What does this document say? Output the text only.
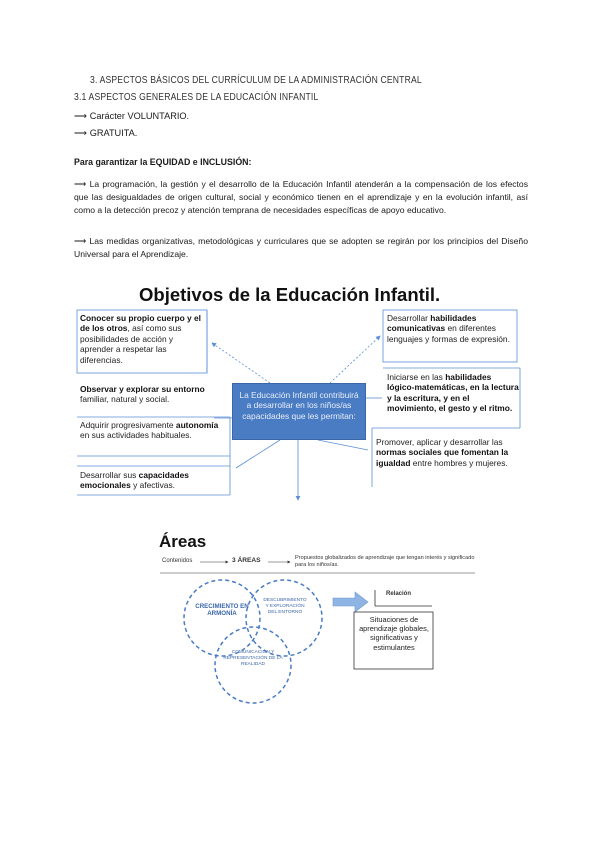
3. ASPECTOS BÁSICOS DEL CURRÍCULUM DE LA ADMINISTRACIÓN CENTRAL
3.1 ASPECTOS GENERALES DE LA EDUCACIÓN INFANTIL
⟶ Carácter VOLUNTARIO.
⟶ GRATUITA.
Para garantizar la EQUIDAD e INCLUSIÓN:
⟶ La programación, la gestión y el desarrollo de la Educación Infantil atenderán a la compensación de los efectos que las desigualdades de origen cultural, social y económico tienen en el aprendizaje y en la evolución infantil, así como a la detección precoz y atención temprana de necesidades específicas de apoyo educativo.
⟶ Las medidas organizativas, metodológicas y curriculares que se adopten se regirán por los principios del Diseño Universal para el Aprendizaje.
Objetivos de la Educación Infantil.
La Educación Infantil contribuirá a desarrollar en los niños/as capacidades que les permitan:
Conocer su propio cuerpo y el de los otros, así como sus posibilidades de acción y aprender a respetar las diferencias.
Observar y explorar su entorno familiar, natural y social.
Adquirir progresivamente autonomía en sus actividades habituales.
Desarrollar sus capacidades emocionales y afectivas.
Desarrollar habilidades comunicativas en diferentes lenguajes y formas de expresión.
Iniciarse en las habilidades lógico-matemáticas, en la lectura y la escritura, y en el movimiento, el gesto y el ritmo.
Promover, aplicar y desarrollar las normas sociales que fomentan la igualdad entre hombres y mujeres.
Áreas
Contenidos	3 ÁREAS	Propuestos globalizados de aprendizaje que tengan interés y significado para los niños/as.
CRECIMIENTO EN ARMONÍA
DESCUBRIMIENTO Y EXPLORACIÓN DEL ENTORNO
COMUNICACIÓN Y REPRESENTACIÓN DE LA REALIDAD
Relación
Situaciones de aprendizaje globales, significativas y estimulantes
